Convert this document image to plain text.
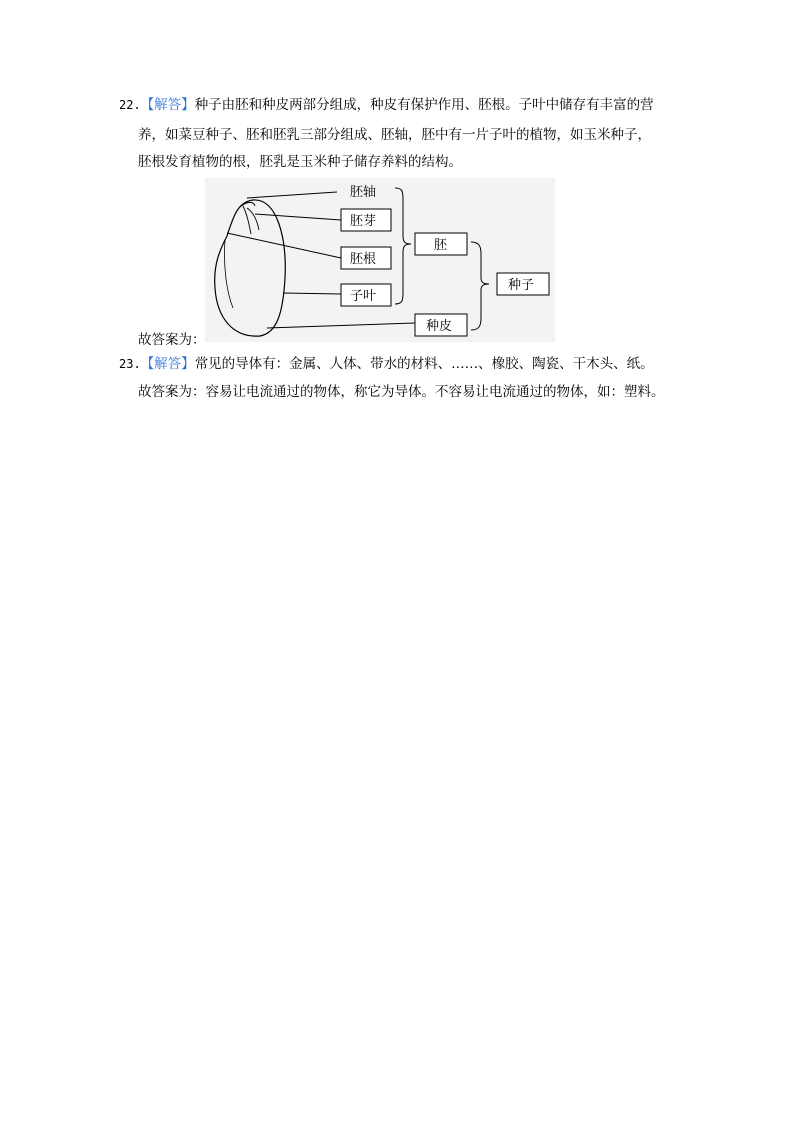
22.【解答】种子由胚和种皮两部分组成，种皮有保护作用、胚根。子叶中储存有丰富的营
养，如菜豆种子、胚和胚乳三部分组成、胚轴，胚中有一片子叶的植物，如玉米种子，
胚根发育植物的根，胚乳是玉米种子储存养料的结构。
胚轴
胚芽
胚根
子叶
胚
种皮
种子
故答案为：
23.【解答】常见的导体有：金属、人体、带水的材料、……、橡胶、陶瓷、干木头、纸。
故答案为：容易让电流通过的物体，称它为导体。不容易让电流通过的物体，如：塑料。
